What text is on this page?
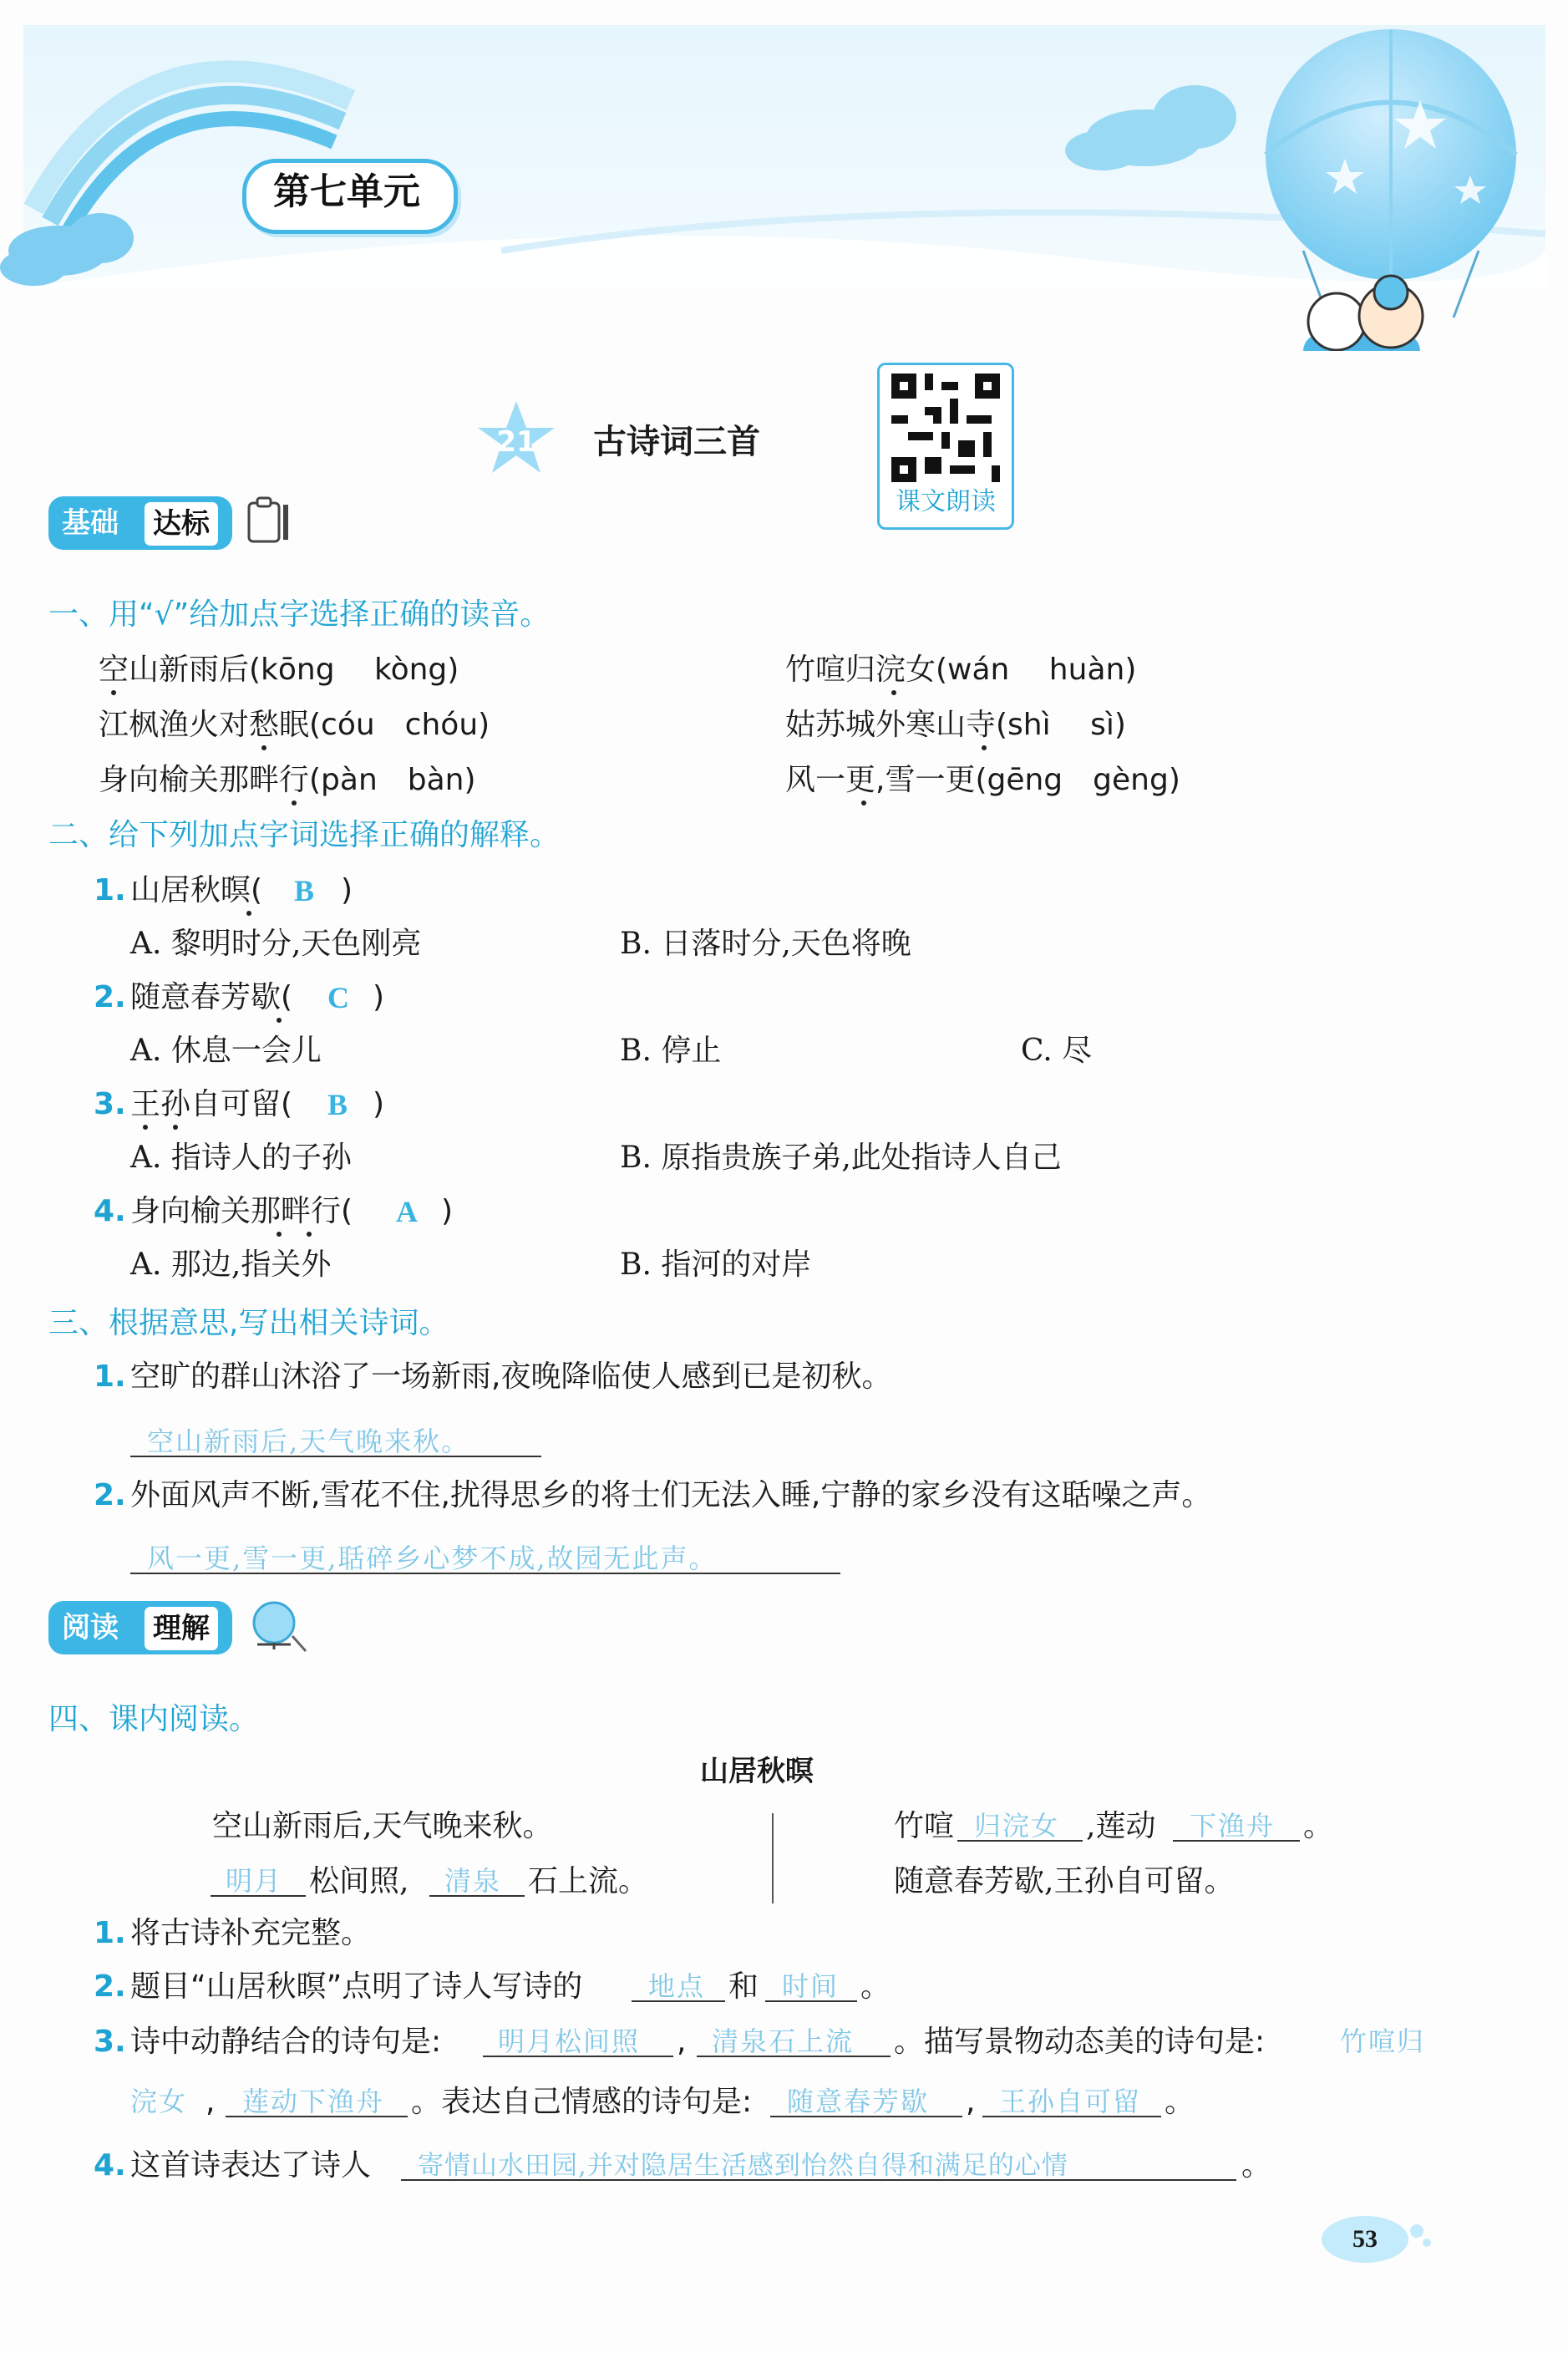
第七单元
21	古诗词三首
课文朗读
基础	达标
一、用“√”给加点字选择正确的读音。
空山新雨后(kōng　 kòng)	竹喧归浣女(wán　 huàn)
江枫渔火对愁眠(cóu　chóu)	姑苏城外寒山寺(shì　 sì)
身向榆关那畔行(pàn　bàn)	风一更,雪一更(gēng　gèng)
二、给下列加点字词选择正确的解释。
1. 山居秋暝( B )
A. 黎明时分,天色刚亮	B. 日落时分,天色将晚
2. 随意春芳歇( C )
A. 休息一会儿	B. 停止	C. 尽
3. 王孙自可留( B )
A. 指诗人的子孙	B. 原指贵族子弟,此处指诗人自己
4. 身向榆关那畔行( A )
A. 那边,指关外	B. 指河的对岸
三、根据意思,写出相关诗词。
1. 空旷的群山沐浴了一场新雨,夜晚降临使人感到已是初秋。
空山新雨后,天气晚来秋。
2. 外面风声不断,雪花不住,扰得思乡的将士们无法入睡,宁静的家乡没有这聒噪之声。
风一更,雪一更,聒碎乡心梦不成,故园无此声。
阅读	理解
四、课内阅读。
山居秋暝
空山新雨后,天气晚来秋。
明月 松间照, 清泉 石上流。
竹喧 归浣女 ,莲动 下渔舟 。
随意春芳歇,王孙自可留。
1. 将古诗补充完整。
2. 题目“山居秋暝”点明了诗人写诗的 地点 和 时间 。
3. 诗中动静结合的诗句是: 明月松间照 , 清泉石上流 。描写景物动态美的诗句是:	竹喧归
浣女 , 莲动下渔舟 。表达自己情感的诗句是: 随意春芳歇 , 王孙自可留 。
4. 这首诗表达了诗人 寄情山水田园,并对隐居生活感到怡然自得和满足的心情	。
53
